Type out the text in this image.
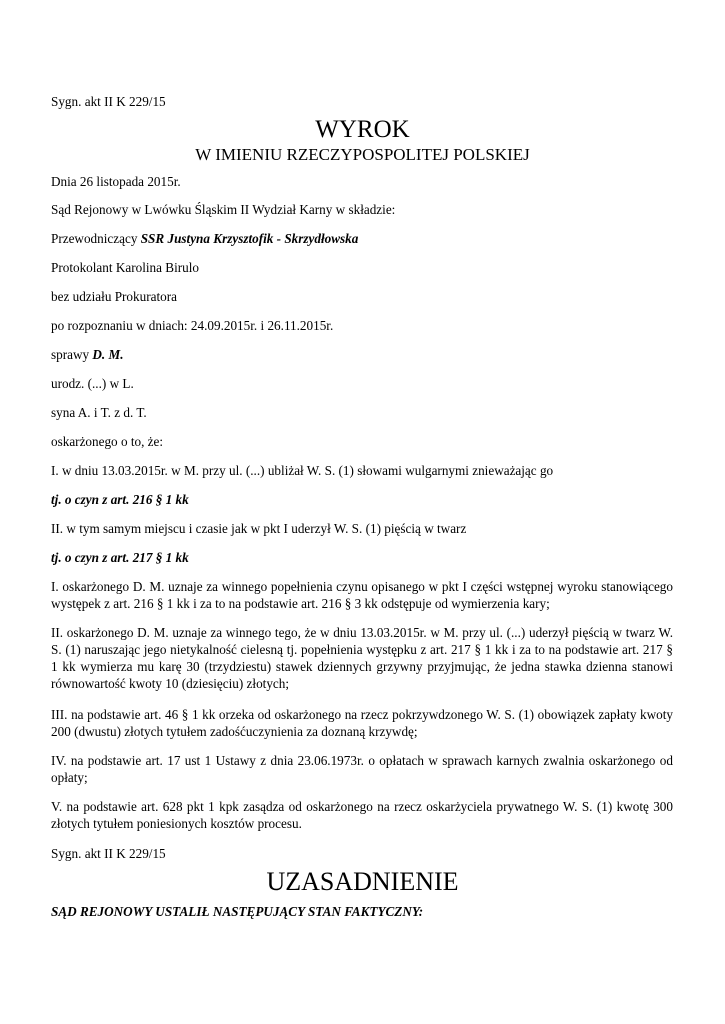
Sygn. akt II K 229/15

WYROK

W IMIENIU RZECZYPOSPOLITEJ POLSKIEJ

Dnia 26 listopada 2015r.

Sąd Rejonowy w Lwówku Śląskim II Wydział Karny w składzie:

Przewodniczący SSR Justyna Krzysztofik - Skrzydłowska

Protokolant Karolina Birulo

bez udziału Prokuratora

po rozpoznaniu w dniach: 24.09.2015r. i 26.11.2015r.

sprawy D. M.

urodz. (...) w L.

syna A. i T. z d. T.

oskarżonego o to, że:

I. w dniu 13.03.2015r. w M. przy ul. (...) ubliżał W. S. (1) słowami wulgarnymi znieważając go

tj. o czyn z art. 216 § 1 kk

II. w tym samym miejscu i czasie jak w pkt I uderzył W. S. (1) pięścią w twarz

tj. o czyn z art. 217 § 1 kk

I. oskarżonego D. M. uznaje za winnego popełnienia czynu opisanego w pkt I części wstępnej wyroku stanowiącego występek z art. 216 § 1 kk i za to na podstawie art. 216 § 3 kk odstępuje od wymierzenia kary;

II. oskarżonego D. M. uznaje za winnego tego, że w dniu 13.03.2015r. w M. przy ul. (...) uderzył pięścią w twarz W. S. (1) naruszając jego nietykalność cielesną tj. popełnienia występku z art. 217 § 1 kk i za to na podstawie art. 217 § 1 kk wymierza mu karę 30 (trzydziestu) stawek dziennych grzywny przyjmując, że jedna stawka dzienna stanowi równowartość kwoty 10 (dziesięciu) złotych;

III. na podstawie art. 46 § 1 kk orzeka od oskarżonego na rzecz pokrzywdzonego W. S. (1) obowiązek zapłaty kwoty 200 (dwustu) złotych tytułem zadośćuczynienia za doznaną krzywdę;

IV. na podstawie art. 17 ust 1 Ustawy z dnia 23.06.1973r. o opłatach w sprawach karnych zwalnia oskarżonego od opłaty;

V. na podstawie art. 628 pkt 1 kpk zasądza od oskarżonego na rzecz oskarżyciela prywatnego W. S. (1) kwotę 300 złotych tytułem poniesionych kosztów procesu.

Sygn. akt II K 229/15

UZASADNIENIE

SĄD REJONOWY USTALIŁ NASTĘPUJĄCY STAN FAKTYCZNY:
